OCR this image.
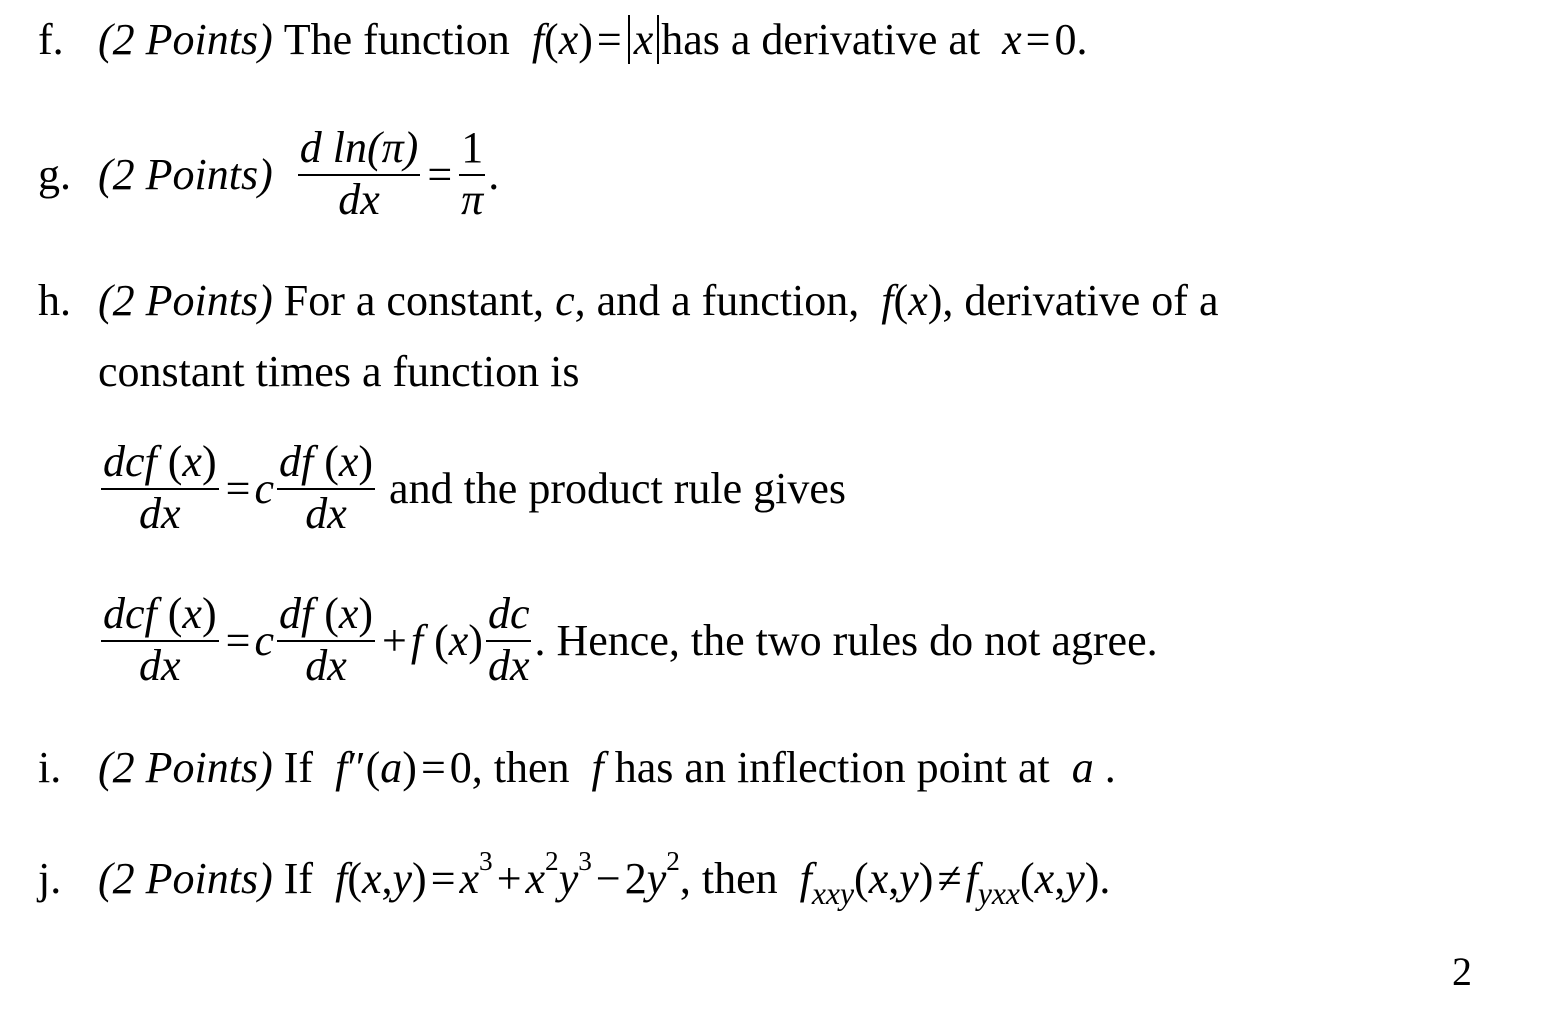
f. (2 Points)
The function
f(x)= x has a derivative at
x=0.
g. (2 Points)
$\frac{\text{d ln(π)}}{dx} = \frac{1}{\pi}$ .
h. (2 Points)
For a constant,
c , and a function,
f(x) , derivative of a
constant times a function is
$\frac{\text{dcf (x)}}{dx} = c \frac{df (x)}{dx}$
and the product rule gives
$\frac{\text{dcf (x)}}{dx} = c \frac{df (x)}{dx} + f$ ( x ) $\frac{dc}{dx}$ . Hence, the two rules do not agree.
i. (2 Points)
If
f″(a)=0 , then
f
has an inflection point at
a .
j. (2 Points)
If
$f(x,y)=x^3+x^2y^3-2y^2$ , then
$f_{xxy}(x,y)\ne f_{yxx}(x,y)$.
2
